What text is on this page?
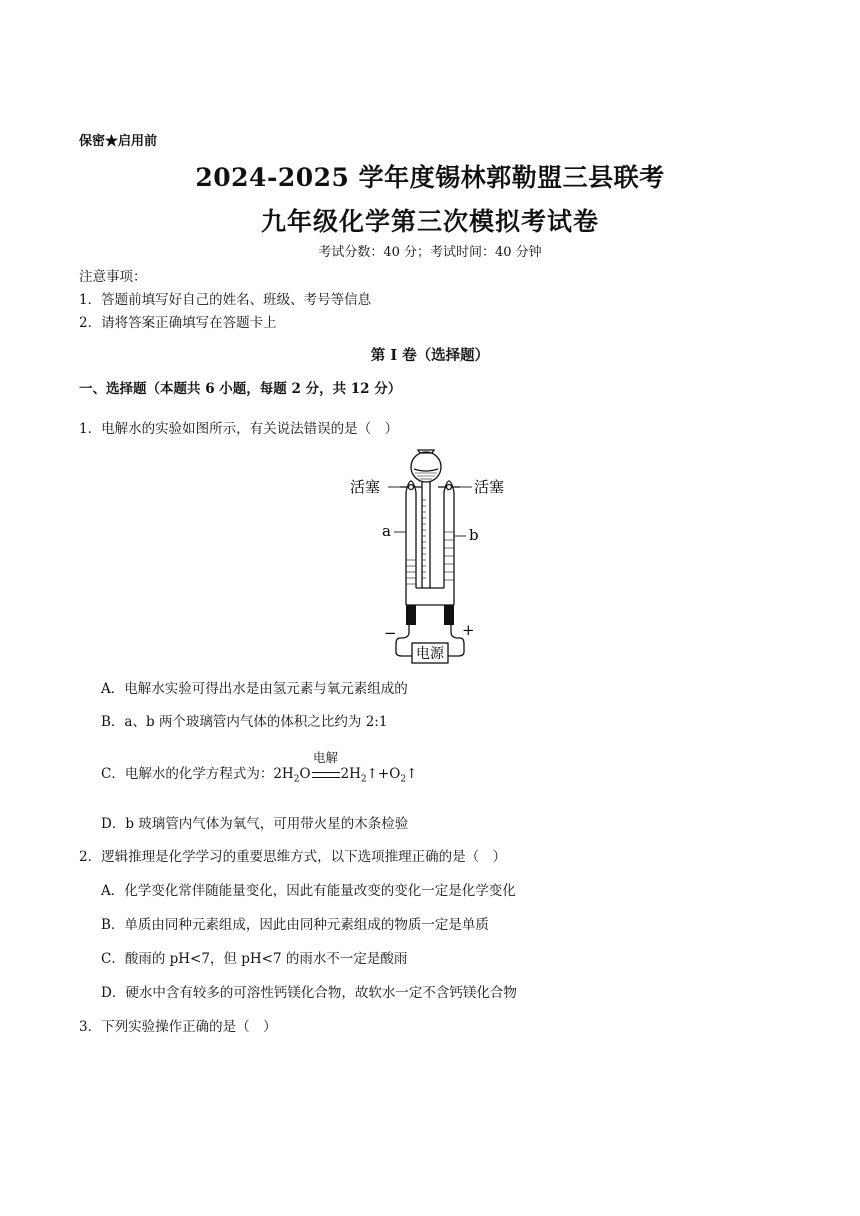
保密★启用前
2024-2025 学年度锡林郭勒盟三县联考
九年级化学第三次模拟考试卷
考试分数：40 分；考试时间：40 分钟
注意事项：
1．答题前填写好自己的姓名、班级、考号等信息
2．请将答案正确填写在答题卡上
第 I 卷（选择题）
一、选择题（本题共 6 小题，每题 2 分，共 12 分）
1．电解水的实验如图所示，有关说法错误的是（　）
电源
活塞	活塞
a	b
−	+
A．电解水实验可得出水是由氢元素与氧元素组成的
B．a、b 两个玻璃管内气体的体积之比约为 2:1
C．电解水的化学方程式为：$2H_2O$
电解
$2H_2↑+O_2↑$
D．b 玻璃管内气体为氧气，可用带火星的木条检验
2．逻辑推理是化学学习的重要思维方式，以下选项推理正确的是（　）
A．化学变化常伴随能量变化，因此有能量改变的变化一定是化学变化
B．单质由同种元素组成，因此由同种元素组成的物质一定是单质
C．酸雨的 pH<7，但 pH<7 的雨水不一定是酸雨
D．硬水中含有较多的可溶性钙镁化合物，故软水一定不含钙镁化合物
3．下列实验操作正确的是（　）
